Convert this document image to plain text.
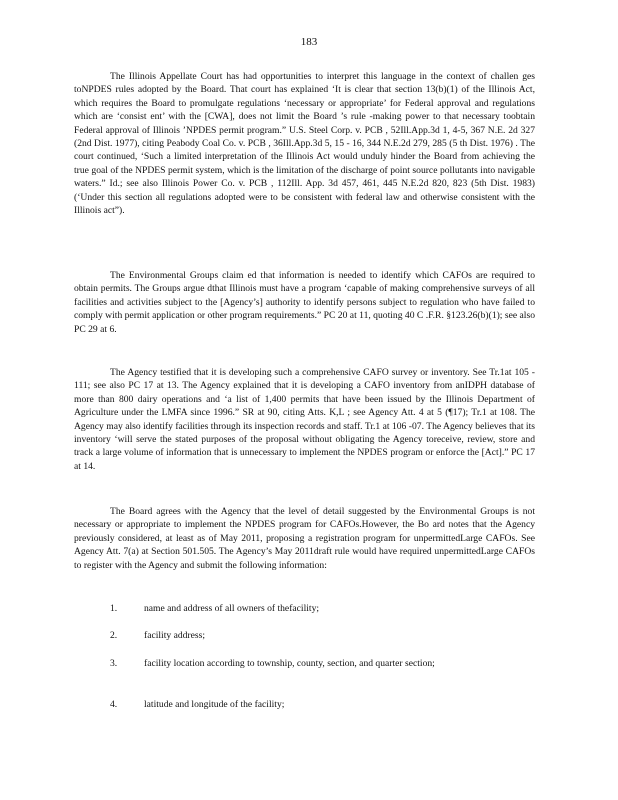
183

The Illinois Appellate Court has had opportunities to interpret this language in the context of challen ges toNPDES rules adopted by the Board. That court has explained ‘It is clear that section 13(b)(1) of the Illinois Act, which requires the Board to promulgate regulations ‘necessary or appropriate’ for Federal approval and regulations which are ‘consist ent’ with the [CWA], does not limit the Board ’s rule -making power to that necessary toobtain Federal approval of Illinois ’NPDES permit program.” U.S. Steel Corp. v. PCB , 52Ill.App.3d 1, 4-5, 367 N.E. 2d 327 (2nd Dist. 1977), citing Peabody Coal Co. v. PCB , 36Ill.App.3d 5, 15 - 16, 344 N.E.2d 279, 285 (5 th Dist. 1976) . The court continued, ‘Such a limited interpretation of the Illinois Act would unduly hinder the Board from achieving the true goal of the NPDES permit system, which is the limitation of the discharge of point source pollutants into navigable waters.” Id.; see also Illinois Power Co. v. PCB , 112Ill. App. 3d 457, 461, 445 N.E.2d 820, 823 (5th Dist. 1983) (‘Under this section all regulations adopted were to be consistent with federal law and otherwise consistent with the Illinois act”).

The Environmental Groups claim ed that information is needed to identify which CAFOs are required to obtain permits. The Groups argue dthat Illinois must have a program ‘capable of making comprehensive surveys of all facilities and activities subject to the [Agency’s] authority to identify persons subject to regulation who have failed to comply with permit application or other program requirements.” PC 20 at 11, quoting 40 C .F.R. §123.26(b)(1); see also PC 29 at 6.

The Agency testified that it is developing such a comprehensive CAFO survey or inventory. See Tr.1at 105 - 111; see also PC 17 at 13. The Agency explained that it is developing a CAFO inventory from anIDPH database of more than 800 dairy operations and ‘a list of 1,400 permits that have been issued by the Illinois Department of Agriculture under the LMFA since 1996.” SR at 90, citing Atts. K,L ; see Agency Att. 4 at 5 (¶17); Tr.1 at 108. The Agency may also identify facilities through its inspection records and staff. Tr.1 at 106 -07. The Agency believes that its inventory ‘will serve the stated purposes of the proposal without obligating the Agency toreceive, review, store and track a large volume of information that is unnecessary to implement the NPDES program or enforce the [Act].” PC 17 at 14.

The Board agrees with the Agency that the level of detail suggested by the Environmental Groups is not necessary or appropriate to implement the NPDES program for CAFOs.However, the Bo ard notes that the Agency previously considered, at least as of May 2011, proposing a registration program for unpermittedLarge CAFOs. See Agency Att. 7(a) at Section 501.505. The Agency’s May 2011draft rule would have required unpermittedLarge CAFOs to register with the Agency and submit the following information:

1.	name and address of all owners of thefacility;
2.	facility address;
3.	facility location according to township, county, section, and quarter section;
4.	latitude and longitude of the facility;
